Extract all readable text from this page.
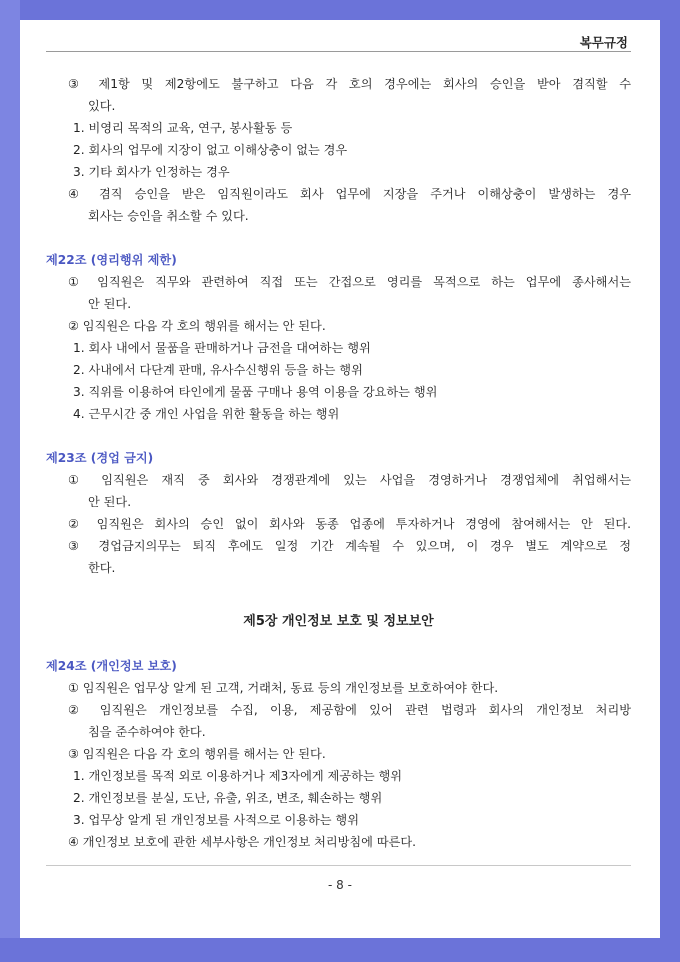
복무규정
③ 제1항 및 제2항에도 불구하고 다음 각 호의 경우에는 회사의 승인을 받아 겸직할 수
있다.
1. 비영리 목적의 교육, 연구, 봉사활동 등
2. 회사의 업무에 지장이 없고 이해상충이 없는 경우
3. 기타 회사가 인정하는 경우
④ 겸직 승인을 받은 임직원이라도 회사 업무에 지장을 주거나 이해상충이 발생하는 경우
회사는 승인을 취소할 수 있다.
제22조 (영리행위 제한)
① 임직원은 직무와 관련하여 직접 또는 간접으로 영리를 목적으로 하는 업무에 종사해서는
안 된다.
② 임직원은 다음 각 호의 행위를 해서는 안 된다.
1. 회사 내에서 물품을 판매하거나 금전을 대여하는 행위
2. 사내에서 다단계 판매, 유사수신행위 등을 하는 행위
3. 직위를 이용하여 타인에게 물품 구매나 용역 이용을 강요하는 행위
4. 근무시간 중 개인 사업을 위한 활동을 하는 행위
제23조 (경업 금지)
① 임직원은 재직 중 회사와 경쟁관계에 있는 사업을 경영하거나 경쟁업체에 취업해서는
안 된다.
② 임직원은 회사의 승인 없이 회사와 동종 업종에 투자하거나 경영에 참여해서는 안 된다.
③ 경업금지의무는 퇴직 후에도 일정 기간 계속될 수 있으며, 이 경우 별도 계약으로 정
한다.
제5장 개인정보 보호 및 정보보안
제24조 (개인정보 보호)
① 임직원은 업무상 알게 된 고객, 거래처, 동료 등의 개인정보를 보호하여야 한다.
② 임직원은 개인정보를 수집, 이용, 제공함에 있어 관련 법령과 회사의 개인정보 처리방
침을 준수하여야 한다.
③ 임직원은 다음 각 호의 행위를 해서는 안 된다.
1. 개인정보를 목적 외로 이용하거나 제3자에게 제공하는 행위
2. 개인정보를 분실, 도난, 유출, 위조, 변조, 훼손하는 행위
3. 업무상 알게 된 개인정보를 사적으로 이용하는 행위
④ 개인정보 보호에 관한 세부사항은 개인정보 처리방침에 따른다.
- 8 -
